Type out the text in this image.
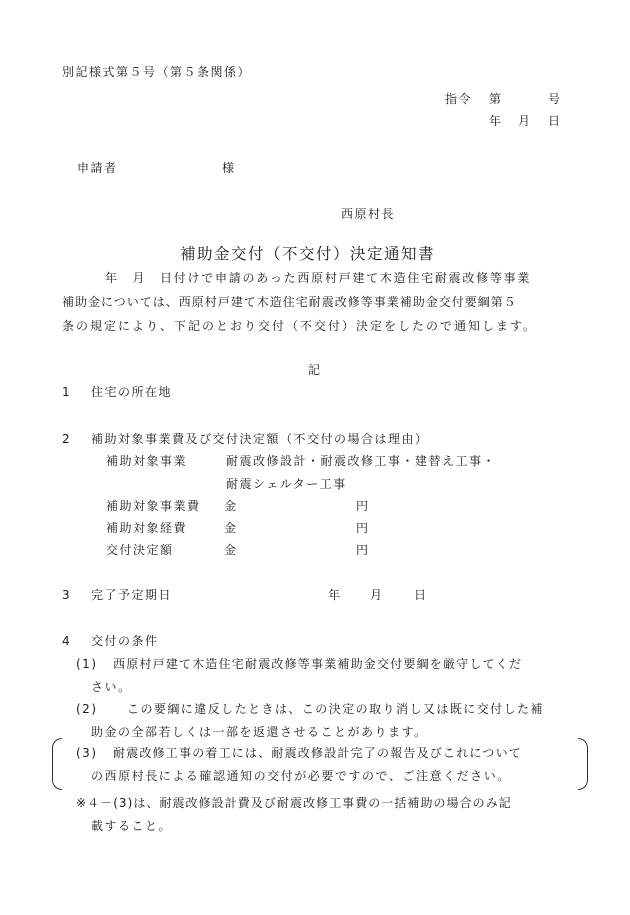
別記様式第５号（第５条関係）
指令 第	号
年 月 日
申請者	様
西原村長
補助金交付（不交付）決定通知書
年　月　日付けで申請のあった西原村戸建て木造住宅耐震改修等事業
補助金については、西原村戸建て木造住宅耐震改修等事業補助金交付要綱第５
条の規定により、下記のとおり交付（不交付）決定をしたので通知します。
記
1 住宅の所在地
2 補助対象事業費及び交付決定額（不交付の場合は理由）
補助対象事業	耐震改修設計・耐震改修工事・建替え工事・
耐震シェルター工事
補助対象事業費 金	円
補助対象経費	金	円
交付決定額	金	円
3 完了予定期日	年 月	日
4 交付の条件
(1) 西原村戸建て木造住宅耐震改修等事業補助金交付要綱を厳守してくだ
さい。
(2) この要綱に違反したときは、この決定の取り消し又は既に交付した補
助金の全部若しくは一部を返還させることがあります。
(3) 耐震改修工事の着工には、耐震改修設計完了の報告及びこれについて
の西原村長による確認通知の交付が必要ですので、ご注意ください。
※４－(3)は、耐震改修設計費及び耐震改修工事費の一括補助の場合のみ記
載すること。
